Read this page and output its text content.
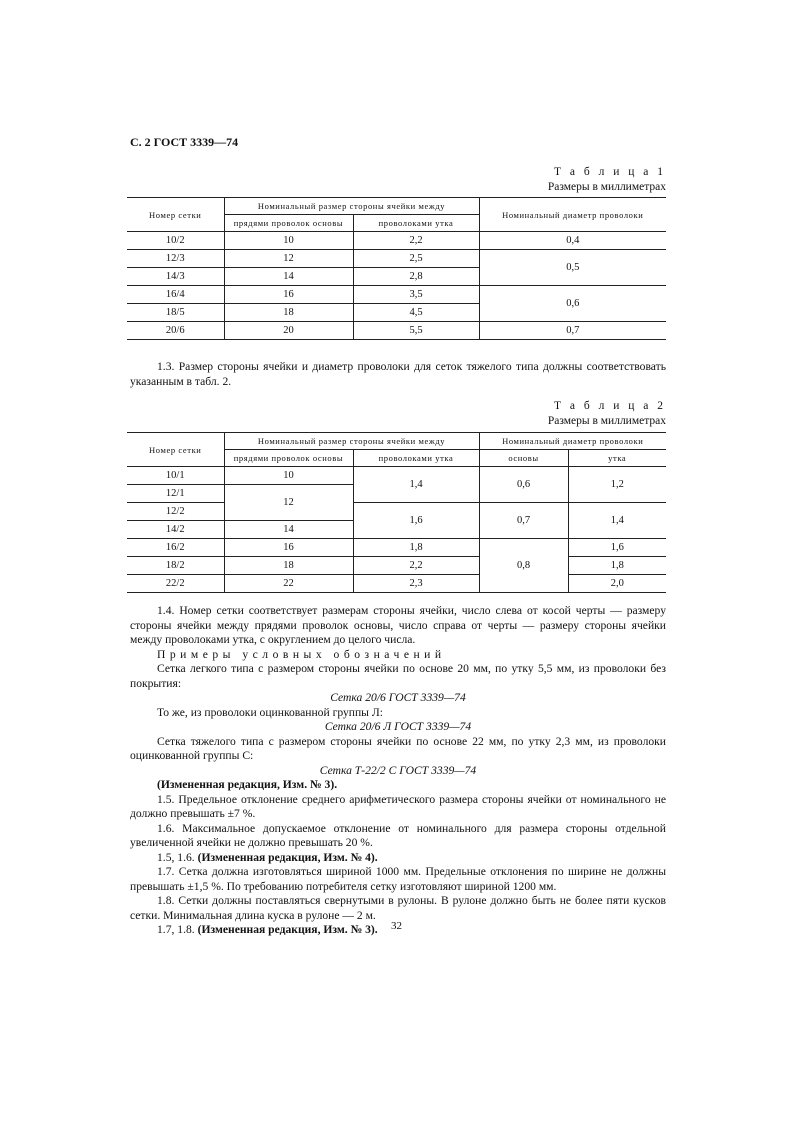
С. 2 ГОСТ 3339—74
Т а б л и ц а 1
Размеры в миллиметрах
Номер сетки	Номинальный размер стороны ячейки между		Номинальный диаметр проволоки
	прядями проволок основы	проволоками утка	
10/2	10	2,2	0,4
12/3	12	2,5	0,5
14/3	14	2,8	
16/4	16	3,5	0,6
18/5	18	4,5	
20/6	20	5,5	0,7

1.3. Размер стороны ячейки и диаметр проволоки для сеток тяжелого типа должны соответствовать указанным в табл. 2.

Т а б л и ц а 2
Размеры в миллиметрах
Номер сетки	Номинальный размер стороны ячейки между		Номинальный диаметр проволоки	
	прядями проволок основы	проволоками утка	основы	утка
10/1	10	1,4	0,6	1,2
12/1	12			
12/2		1,6	0,7	1,4
14/2	14			
16/2	16	1,8	0,8	1,6
18/2	18	2,2		1,8
22/2	22	2,3		2,0

1.4. Номер сетки соответствует размерам стороны ячейки, число слева от косой черты — размеру стороны ячейки между прядями проволок основы, число справа от черты — размеру стороны ячейки между проволоками утка, с округлением до целого числа.

Примеры условных обозначений

Сетка легкого типа с размером стороны ячейки по основе 20 мм, по утку 5,5 мм, из проволоки без покрытия:

Сетка 20/6 ГОСТ 3339—74

То же, из проволоки оцинкованной группы Л:

Сетка 20/6 Л ГОСТ 3339—74

Сетка тяжелого типа с размером стороны ячейки по основе 22 мм, по утку 2,3 мм, из проволоки оцинкованной группы С:

Сетка Т-22/2 С ГОСТ 3339—74

(Измененная редакция, Изм. № 3).

1.5. Предельное отклонение среднего арифметического размера стороны ячейки от номинального не должно превышать ±7 %.

1.6. Максимальное допускаемое отклонение от номинального для размера стороны отдельной увеличенной ячейки не должно превышать 20 %.

1.5, 1.6. (Измененная редакция, Изм. № 4).

1.7. Сетка должна изготовляться шириной 1000 мм. Предельные отклонения по ширине не должны превышать ±1,5 %. По требованию потребителя сетку изготовляют шириной 1200 мм.

1.8. Сетки должны поставляться свернутыми в рулоны. В рулоне должно быть не более пяти кусков сетки. Минимальная длина куска в рулоне — 2 м.

1.7, 1.8. (Измененная редакция, Изм. № 3).	32
